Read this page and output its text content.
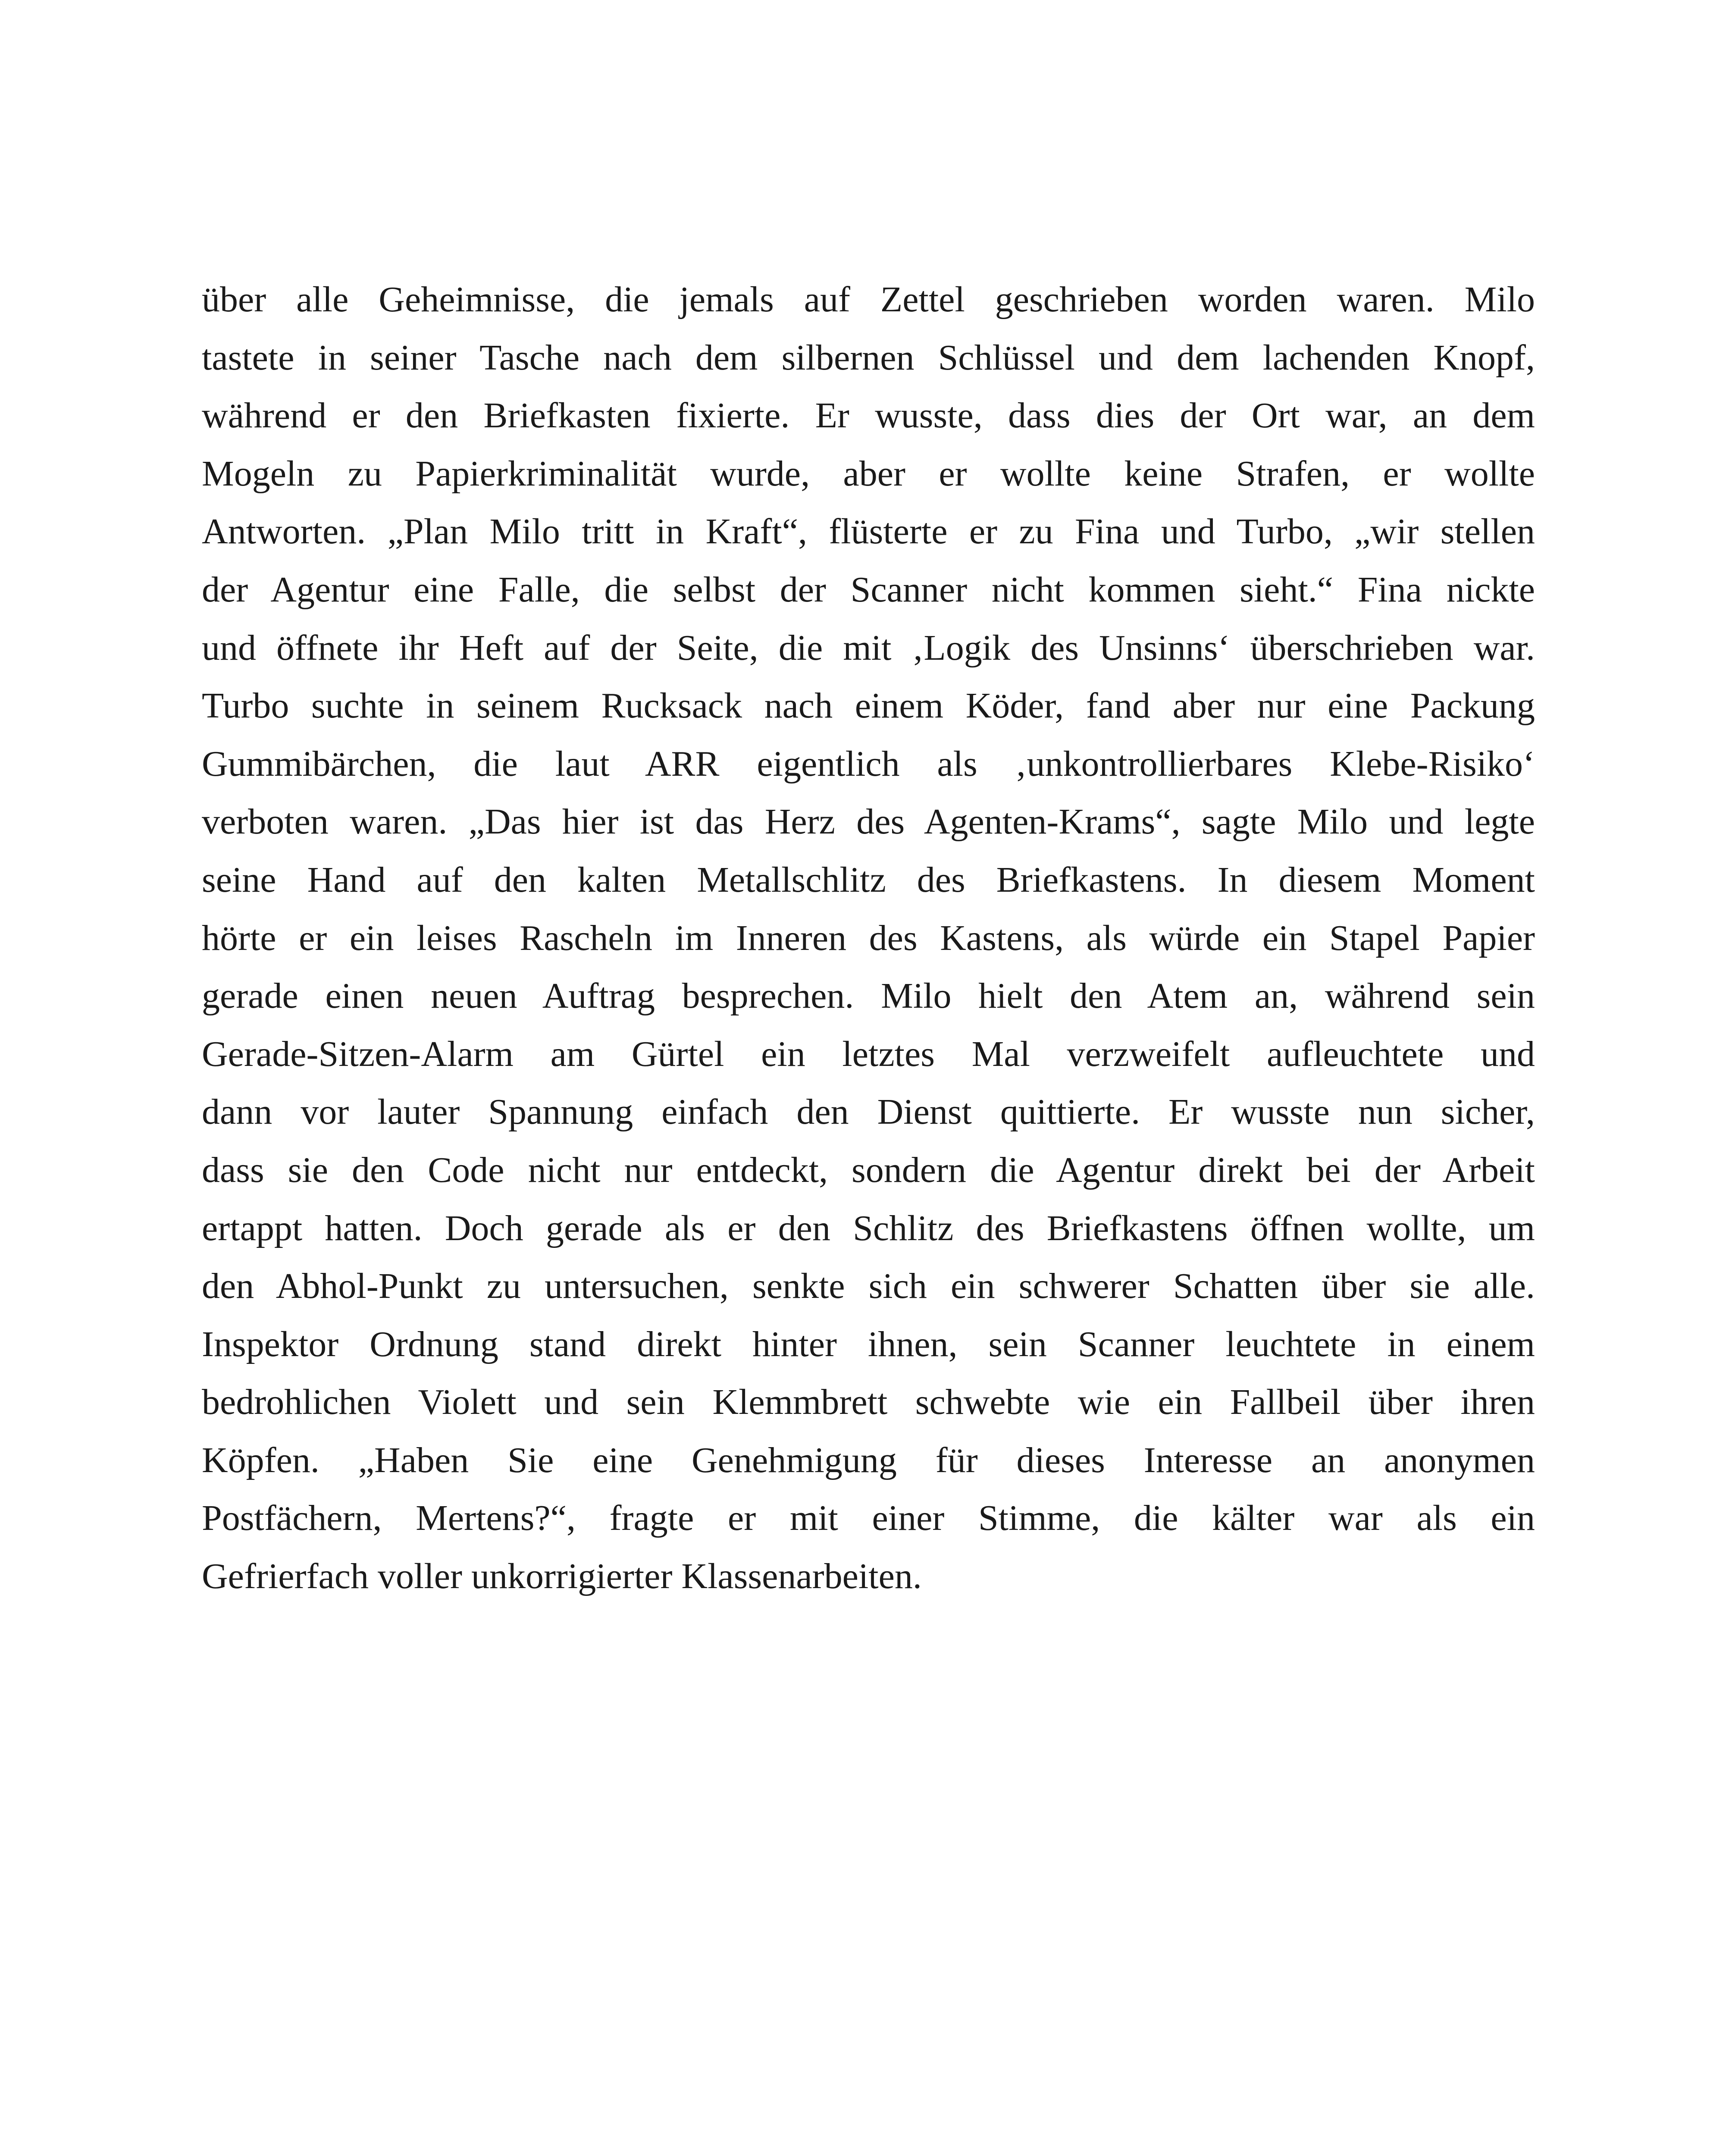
über alle Geheimnisse, die jemals auf Zettel geschrieben worden waren. Milo
tastete in seiner Tasche nach dem silbernen Schlüssel und dem lachenden Knopf,
während er den Briefkasten fixierte. Er wusste, dass dies der Ort war, an dem
Mogeln zu Papierkriminalität wurde, aber er wollte keine Strafen, er wollte
Antworten. „Plan Milo tritt in Kraft“, flüsterte er zu Fina und Turbo, „wir stellen
der Agentur eine Falle, die selbst der Scanner nicht kommen sieht.“ Fina nickte
und öffnete ihr Heft auf der Seite, die mit ‚Logik des Unsinns‘ überschrieben war.
Turbo suchte in seinem Rucksack nach einem Köder, fand aber nur eine Packung
Gummibärchen, die laut ARR eigentlich als ‚unkontrollierbares Klebe-Risiko‘
verboten waren. „Das hier ist das Herz des Agenten-Krams“, sagte Milo und legte
seine Hand auf den kalten Metallschlitz des Briefkastens. In diesem Moment
hörte er ein leises Rascheln im Inneren des Kastens, als würde ein Stapel Papier
gerade einen neuen Auftrag besprechen. Milo hielt den Atem an, während sein
Gerade-Sitzen-Alarm am Gürtel ein letztes Mal verzweifelt aufleuchtete und
dann vor lauter Spannung einfach den Dienst quittierte. Er wusste nun sicher,
dass sie den Code nicht nur entdeckt, sondern die Agentur direkt bei der Arbeit
ertappt hatten. Doch gerade als er den Schlitz des Briefkastens öffnen wollte, um
den Abhol-Punkt zu untersuchen, senkte sich ein schwerer Schatten über sie alle.
Inspektor Ordnung stand direkt hinter ihnen, sein Scanner leuchtete in einem
bedrohlichen Violett und sein Klemmbrett schwebte wie ein Fallbeil über ihren
Köpfen. „Haben Sie eine Genehmigung für dieses Interesse an anonymen
Postfächern, Mertens?“, fragte er mit einer Stimme, die kälter war als ein
Gefrierfach voller unkorrigierter Klassenarbeiten.
